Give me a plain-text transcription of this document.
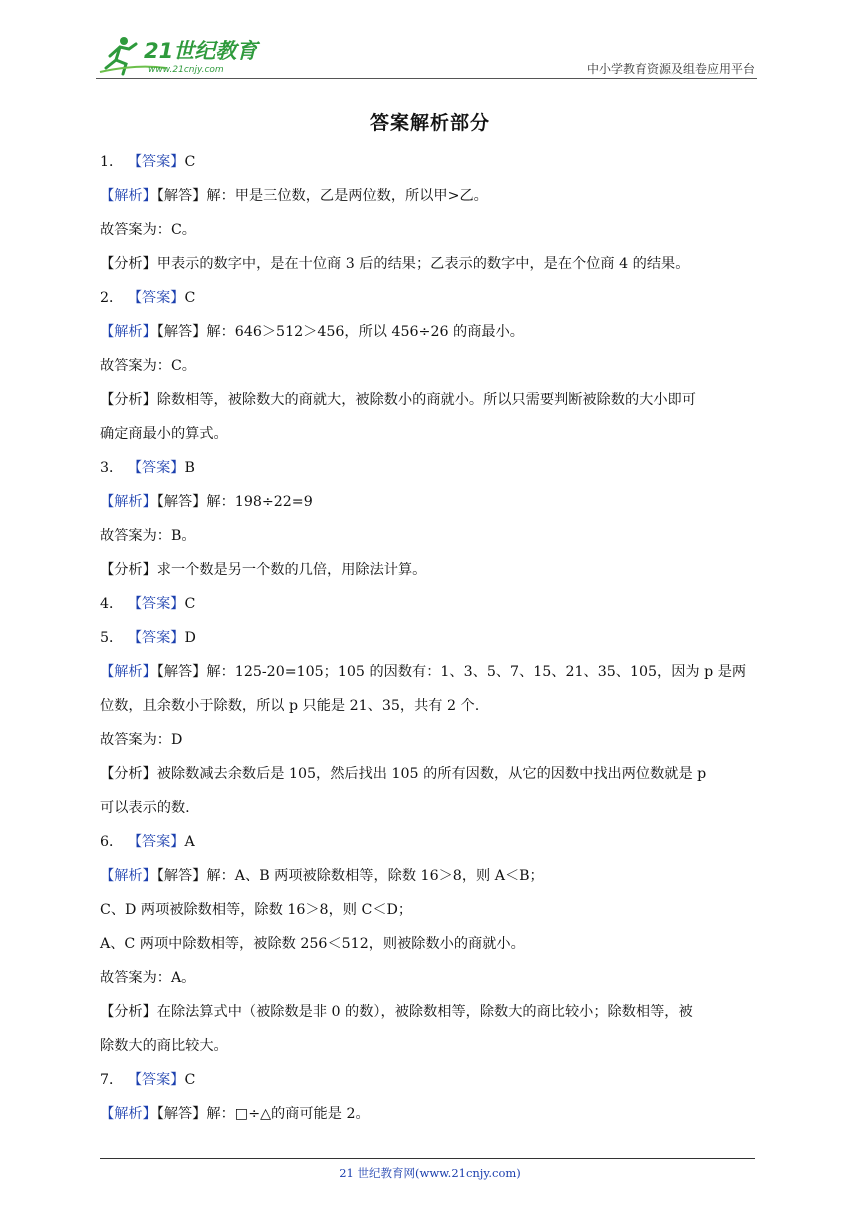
21世纪教育
www.21cnjy.com	中小学教育资源及组卷应用平台
答案解析部分
1． 【答案】C
【解析】【解答】解：甲是三位数，乙是两位数，所以甲>乙。
故答案为：C。
【分析】甲表示的数字中，是在十位商 3 后的结果；乙表示的数字中，是在个位商 4 的结果。
2． 【答案】C
【解析】【解答】解：646＞512＞456，所以 456÷26 的商最小。
故答案为：C。
【分析】除数相等，被除数大的商就大，被除数小的商就小。所以只需要判断被除数的大小即可
确定商最小的算式。
3． 【答案】B
【解析】【解答】解：198÷22=9
故答案为：B。
【分析】求一个数是另一个数的几倍，用除法计算。
4． 【答案】C
5． 【答案】D
【解析】【解答】解：125-20=105；105 的因数有：1、3、5、7、15、21、35、105，因为 p 是两
位数，且余数小于除数，所以 p 只能是 21、35，共有 2 个.
故答案为：D
【分析】被除数减去余数后是 105，然后找出 105 的所有因数，从它的因数中找出两位数就是 p
可以表示的数.
6． 【答案】A
【解析】【解答】解：A、B 两项被除数相等，除数 16＞8，则 A＜B；
C、D 两项被除数相等，除数 16＞8，则 C＜D；
A、C 两项中除数相等，被除数 256＜512，则被除数小的商就小。
故答案为：A。
【分析】在除法算式中（被除数是非 0 的数），被除数相等，除数大的商比较小；除数相等，被
除数大的商比较大。
7． 【答案】C
【解析】【解答】解：□÷△的商可能是 2。
21 世纪教育网(www.21cnjy.com)
